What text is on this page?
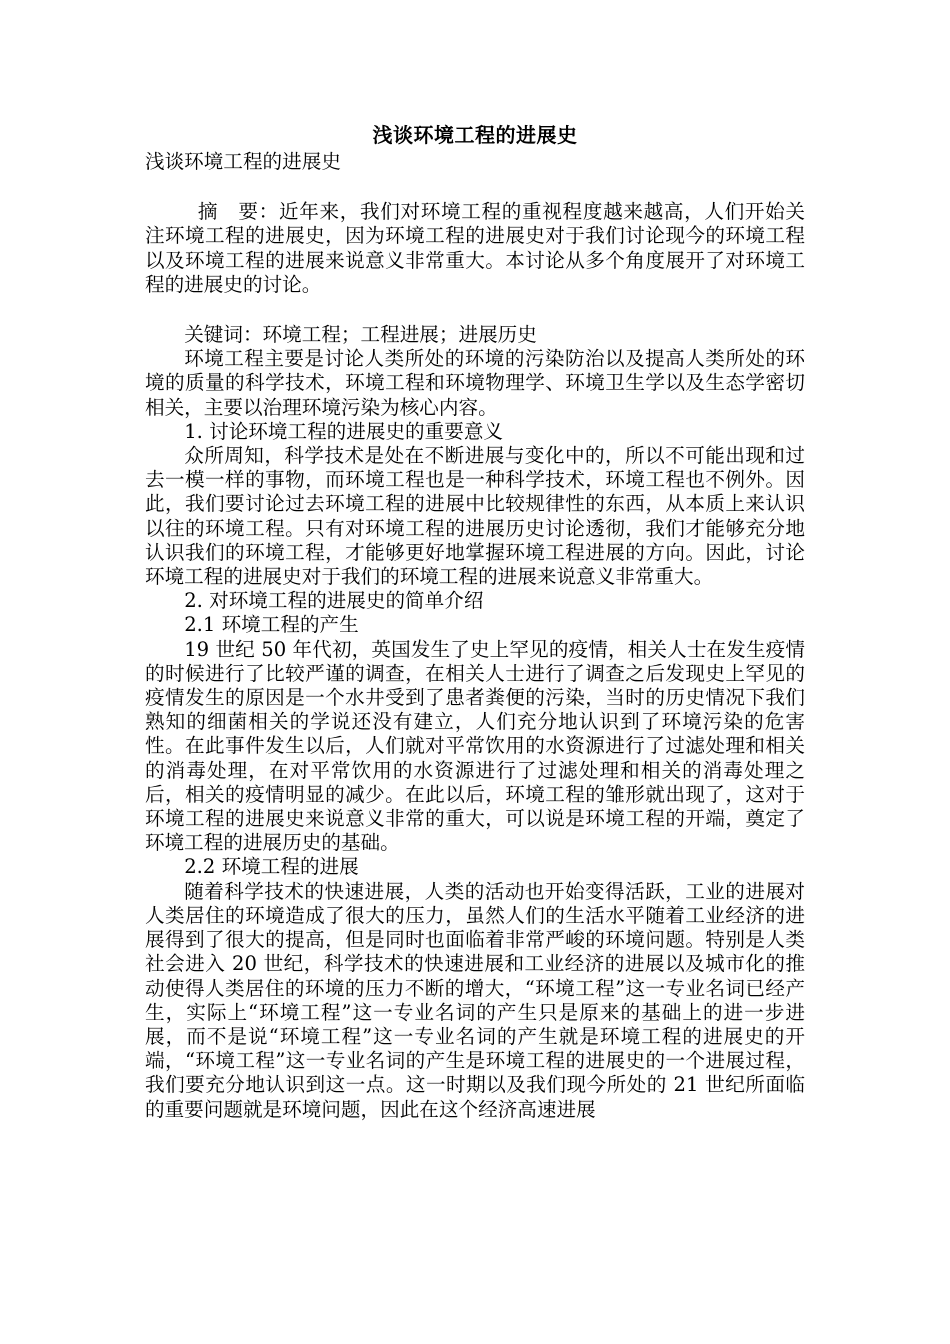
浅谈环境工程的进展史

浅谈环境工程的进展史

摘　要：近年来，我们对环境工程的重视程度越来越高，人们开始关注环境工程的进展史，因为环境工程的进展史对于我们讨论现今的环境工程以及环境工程的进展来说意义非常重大。本讨论从多个角度展开了对环境工程的进展史的讨论。

关键词：环境工程；工程进展；进展历史

环境工程主要是讨论人类所处的环境的污染防治以及提高人类所处的环境的质量的科学技术，环境工程和环境物理学、环境卫生学以及生态学密切相关，主要以治理环境污染为核心内容。

1. 讨论环境工程的进展史的重要意义

众所周知，科学技术是处在不断进展与变化中的，所以不可能出现和过去一模一样的事物，而环境工程也是一种科学技术，环境工程也不例外。因此，我们要讨论过去环境工程的进展中比较规律性的东西，从本质上来认识以往的环境工程。只有对环境工程的进展历史讨论透彻，我们才能够充分地认识我们的环境工程，才能够更好地掌握环境工程进展的方向。因此，讨论环境工程的进展史对于我们的环境工程的进展来说意义非常重大。

2. 对环境工程的进展史的简单介绍

2.1 环境工程的产生

19 世纪 50 年代初，英国发生了史上罕见的疫情，相关人士在发生疫情的时候进行了比较严谨的调查，在相关人士进行了调查之后发现史上罕见的疫情发生的原因是一个水井受到了患者粪便的污染，当时的历史情况下我们熟知的细菌相关的学说还没有建立，人们充分地认识到了环境污染的危害性。在此事件发生以后，人们就对平常饮用的水资源进行了过滤处理和相关的消毒处理，在对平常饮用的水资源进行了过滤处理和相关的消毒处理之后，相关的疫情明显的减少。在此以后，环境工程的雏形就出现了，这对于环境工程的进展史来说意义非常的重大，可以说是环境工程的开端，奠定了环境工程的进展历史的基础。

2.2 环境工程的进展

随着科学技术的快速进展，人类的活动也开始变得活跃，工业的进展对人类居住的环境造成了很大的压力，虽然人们的生活水平随着工业经济的进展得到了很大的提高，但是同时也面临着非常严峻的环境问题。特别是人类社会进入 20 世纪，科学技术的快速进展和工业经济的进展以及城市化的推动使得人类居住的环境的压力不断的增大，“环境工程”这一专业名词已经产生，实际上“环境工程”这一专业名词的产生只是原来的基础上的进一步进展，而不是说“环境工程”这一专业名词的产生就是环境工程的进展史的开端，“环境工程”这一专业名词的产生是环境工程的进展史的一个进展过程，我们要充分地认识到这一点。这一时期以及我们现今所处的 21 世纪所面临的重要问题就是环境问题，因此在这个经济高速进展
